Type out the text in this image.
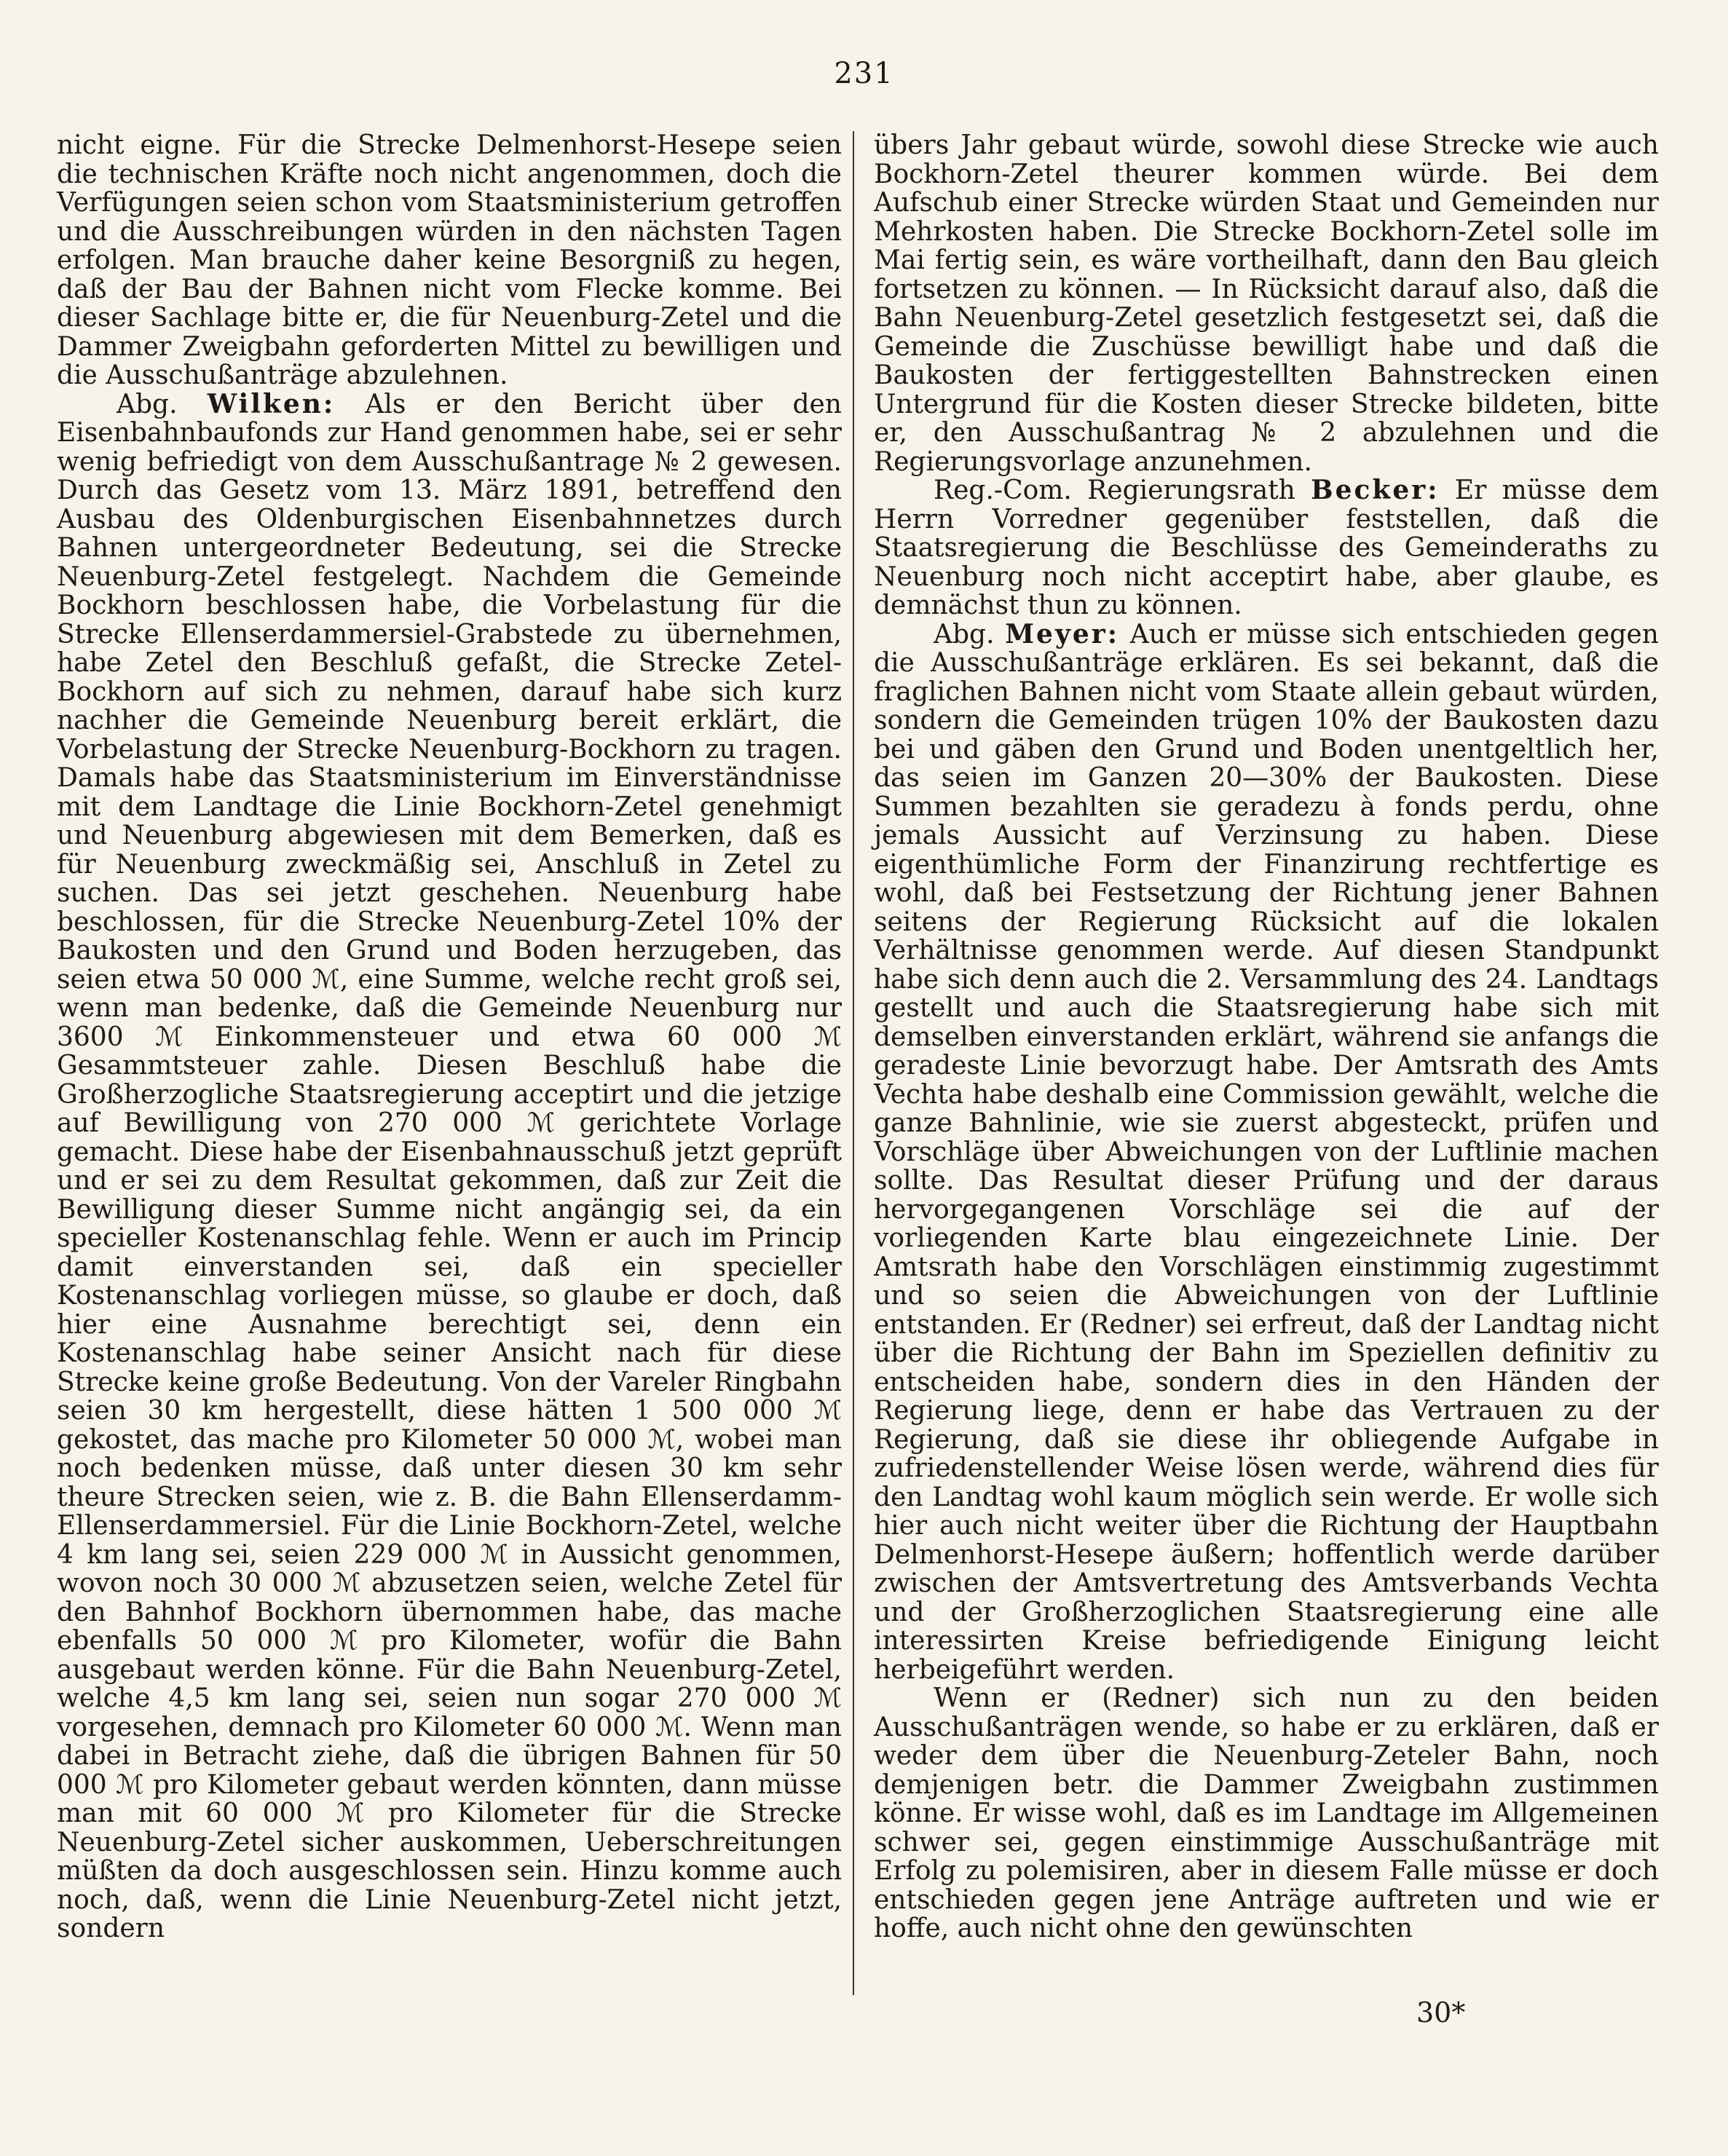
231

nicht eigne. Für die Strecke Delmenhorst-Hesepe seien die technischen Kräfte noch nicht angenommen, doch die Verfügungen seien schon vom Staatsministerium getroffen und die Ausschreibungen würden in den nächsten Tagen erfolgen. Man brauche daher keine Besorgniß zu hegen, daß der Bau der Bahnen nicht vom Flecke komme. Bei dieser Sachlage bitte er, die für Neuenburg-Zetel und die Dammer Zweigbahn geforderten Mittel zu bewilligen und die Ausschußanträge abzulehnen.

Abg. Wilken: Als er den Bericht über den Eisenbahnbaufonds zur Hand genommen habe, sei er sehr wenig befriedigt von dem Ausschußantrage № 2 gewesen. Durch das Gesetz vom 13. März 1891, betreffend den Ausbau des Oldenburgischen Eisenbahnnetzes durch Bahnen untergeordneter Bedeutung, sei die Strecke Neuenburg-Zetel festgelegt. Nachdem die Gemeinde Bockhorn beschlossen habe, die Vorbelastung für die Strecke Ellenserdammersiel-Grabstede zu übernehmen, habe Zetel den Beschluß gefaßt, die Strecke Zetel-Bockhorn auf sich zu nehmen, darauf habe sich kurz nachher die Gemeinde Neuenburg bereit erklärt, die Vorbelastung der Strecke Neuenburg-Bockhorn zu tragen. Damals habe das Staatsministerium im Einverständnisse mit dem Landtage die Linie Bockhorn-Zetel genehmigt und Neuenburg abgewiesen mit dem Bemerken, daß es für Neuenburg zweckmäßig sei, Anschluß in Zetel zu suchen. Das sei jetzt geschehen. Neuenburg habe beschlossen, für die Strecke Neuenburg-Zetel 10% der Baukosten und den Grund und Boden herzugeben, das seien etwa 50 000 ℳ, eine Summe, welche recht groß sei, wenn man bedenke, daß die Gemeinde Neuenburg nur 3600 ℳ Einkommensteuer und etwa 60 000 ℳ Gesammtsteuer zahle. Diesen Beschluß habe die Großherzogliche Staatsregierung acceptirt und die jetzige auf Bewilligung von 270 000 ℳ gerichtete Vorlage gemacht. Diese habe der Eisenbahnausschuß jetzt geprüft und er sei zu dem Resultat gekommen, daß zur Zeit die Bewilligung dieser Summe nicht angängig sei, da ein specieller Kostenanschlag fehle. Wenn er auch im Princip damit einverstanden sei, daß ein specieller Kostenanschlag vorliegen müsse, so glaube er doch, daß hier eine Ausnahme berechtigt sei, denn ein Kostenanschlag habe seiner Ansicht nach für diese Strecke keine große Bedeutung. Von der Vareler Ringbahn seien 30 km hergestellt, diese hätten 1 500 000 ℳ gekostet, das mache pro Kilometer 50 000 ℳ, wobei man noch bedenken müsse, daß unter diesen 30 km sehr theure Strecken seien, wie z. B. die Bahn Ellenserdamm-Ellenserdammersiel. Für die Linie Bockhorn-Zetel, welche 4 km lang sei, seien 229 000 ℳ in Aussicht genommen, wovon noch 30 000 ℳ abzusetzen seien, welche Zetel für den Bahnhof Bockhorn übernommen habe, das mache ebenfalls 50 000 ℳ pro Kilometer, wofür die Bahn ausgebaut werden könne. Für die Bahn Neuenburg-Zetel, welche 4,5 km lang sei, seien nun sogar 270 000 ℳ vorgesehen, demnach pro Kilometer 60 000 ℳ. Wenn man dabei in Betracht ziehe, daß die übrigen Bahnen für 50 000 ℳ pro Kilometer gebaut werden könnten, dann müsse man mit 60 000 ℳ pro Kilometer für die Strecke Neuenburg-Zetel sicher auskommen, Ueberschreitungen müßten da doch ausgeschlossen sein. Hinzu komme auch noch, daß, wenn die Linie Neuenburg-Zetel nicht jetzt, sondern

übers Jahr gebaut würde, sowohl diese Strecke wie auch Bockhorn-Zetel theurer kommen würde. Bei dem Aufschub einer Strecke würden Staat und Gemeinden nur Mehrkosten haben. Die Strecke Bockhorn-Zetel solle im Mai fertig sein, es wäre vortheilhaft, dann den Bau gleich fortsetzen zu können. — In Rücksicht darauf also, daß die Bahn Neuenburg-Zetel gesetzlich festgesetzt sei, daß die Gemeinde die Zuschüsse bewilligt habe und daß die Baukosten der fertiggestellten Bahnstrecken einen Untergrund für die Kosten dieser Strecke bildeten, bitte er, den Ausschußantrag № 2 abzulehnen und die Regierungsvorlage anzunehmen.

Reg.-Com. Regierungsrath Becker: Er müsse dem Herrn Vorredner gegenüber feststellen, daß die Staatsregierung die Beschlüsse des Gemeinderaths zu Neuenburg noch nicht acceptirt habe, aber glaube, es demnächst thun zu können.

Abg. Meyer: Auch er müsse sich entschieden gegen die Ausschußanträge erklären. Es sei bekannt, daß die fraglichen Bahnen nicht vom Staate allein gebaut würden, sondern die Gemeinden trügen 10% der Baukosten dazu bei und gäben den Grund und Boden unentgeltlich her, das seien im Ganzen 20—30% der Baukosten. Diese Summen bezahlten sie geradezu à fonds perdu, ohne jemals Aussicht auf Verzinsung zu haben. Diese eigenthümliche Form der Finanzirung rechtfertige es wohl, daß bei Festsetzung der Richtung jener Bahnen seitens der Regierung Rücksicht auf die lokalen Verhältnisse genommen werde. Auf diesen Standpunkt habe sich denn auch die 2. Versammlung des 24. Landtags gestellt und auch die Staatsregierung habe sich mit demselben einverstanden erklärt, während sie anfangs die geradeste Linie bevorzugt habe. Der Amtsrath des Amts Vechta habe deshalb eine Commission gewählt, welche die ganze Bahnlinie, wie sie zuerst abgesteckt, prüfen und Vorschläge über Abweichungen von der Luftlinie machen sollte. Das Resultat dieser Prüfung und der daraus hervorgegangenen Vorschläge sei die auf der vorliegenden Karte blau eingezeichnete Linie. Der Amtsrath habe den Vorschlägen einstimmig zugestimmt und so seien die Abweichungen von der Luftlinie entstanden. Er (Redner) sei erfreut, daß der Landtag nicht über die Richtung der Bahn im Speziellen definitiv zu entscheiden habe, sondern dies in den Händen der Regierung liege, denn er habe das Vertrauen zu der Regierung, daß sie diese ihr obliegende Aufgabe in zufriedenstellender Weise lösen werde, während dies für den Landtag wohl kaum möglich sein werde. Er wolle sich hier auch nicht weiter über die Richtung der Hauptbahn Delmenhorst-Hesepe äußern; hoffentlich werde darüber zwischen der Amtsvertretung des Amtsverbands Vechta und der Großherzoglichen Staatsregierung eine alle interessirten Kreise befriedigende Einigung leicht herbeigeführt werden.

Wenn er (Redner) sich nun zu den beiden Ausschußanträgen wende, so habe er zu erklären, daß er weder dem über die Neuenburg-Zeteler Bahn, noch demjenigen betr. die Dammer Zweigbahn zustimmen könne. Er wisse wohl, daß es im Landtage im Allgemeinen schwer sei, gegen einstimmige Ausschußanträge mit Erfolg zu polemisiren, aber in diesem Falle müsse er doch entschieden gegen jene Anträge auftreten und wie er hoffe, auch nicht ohne den gewünschten

30*
